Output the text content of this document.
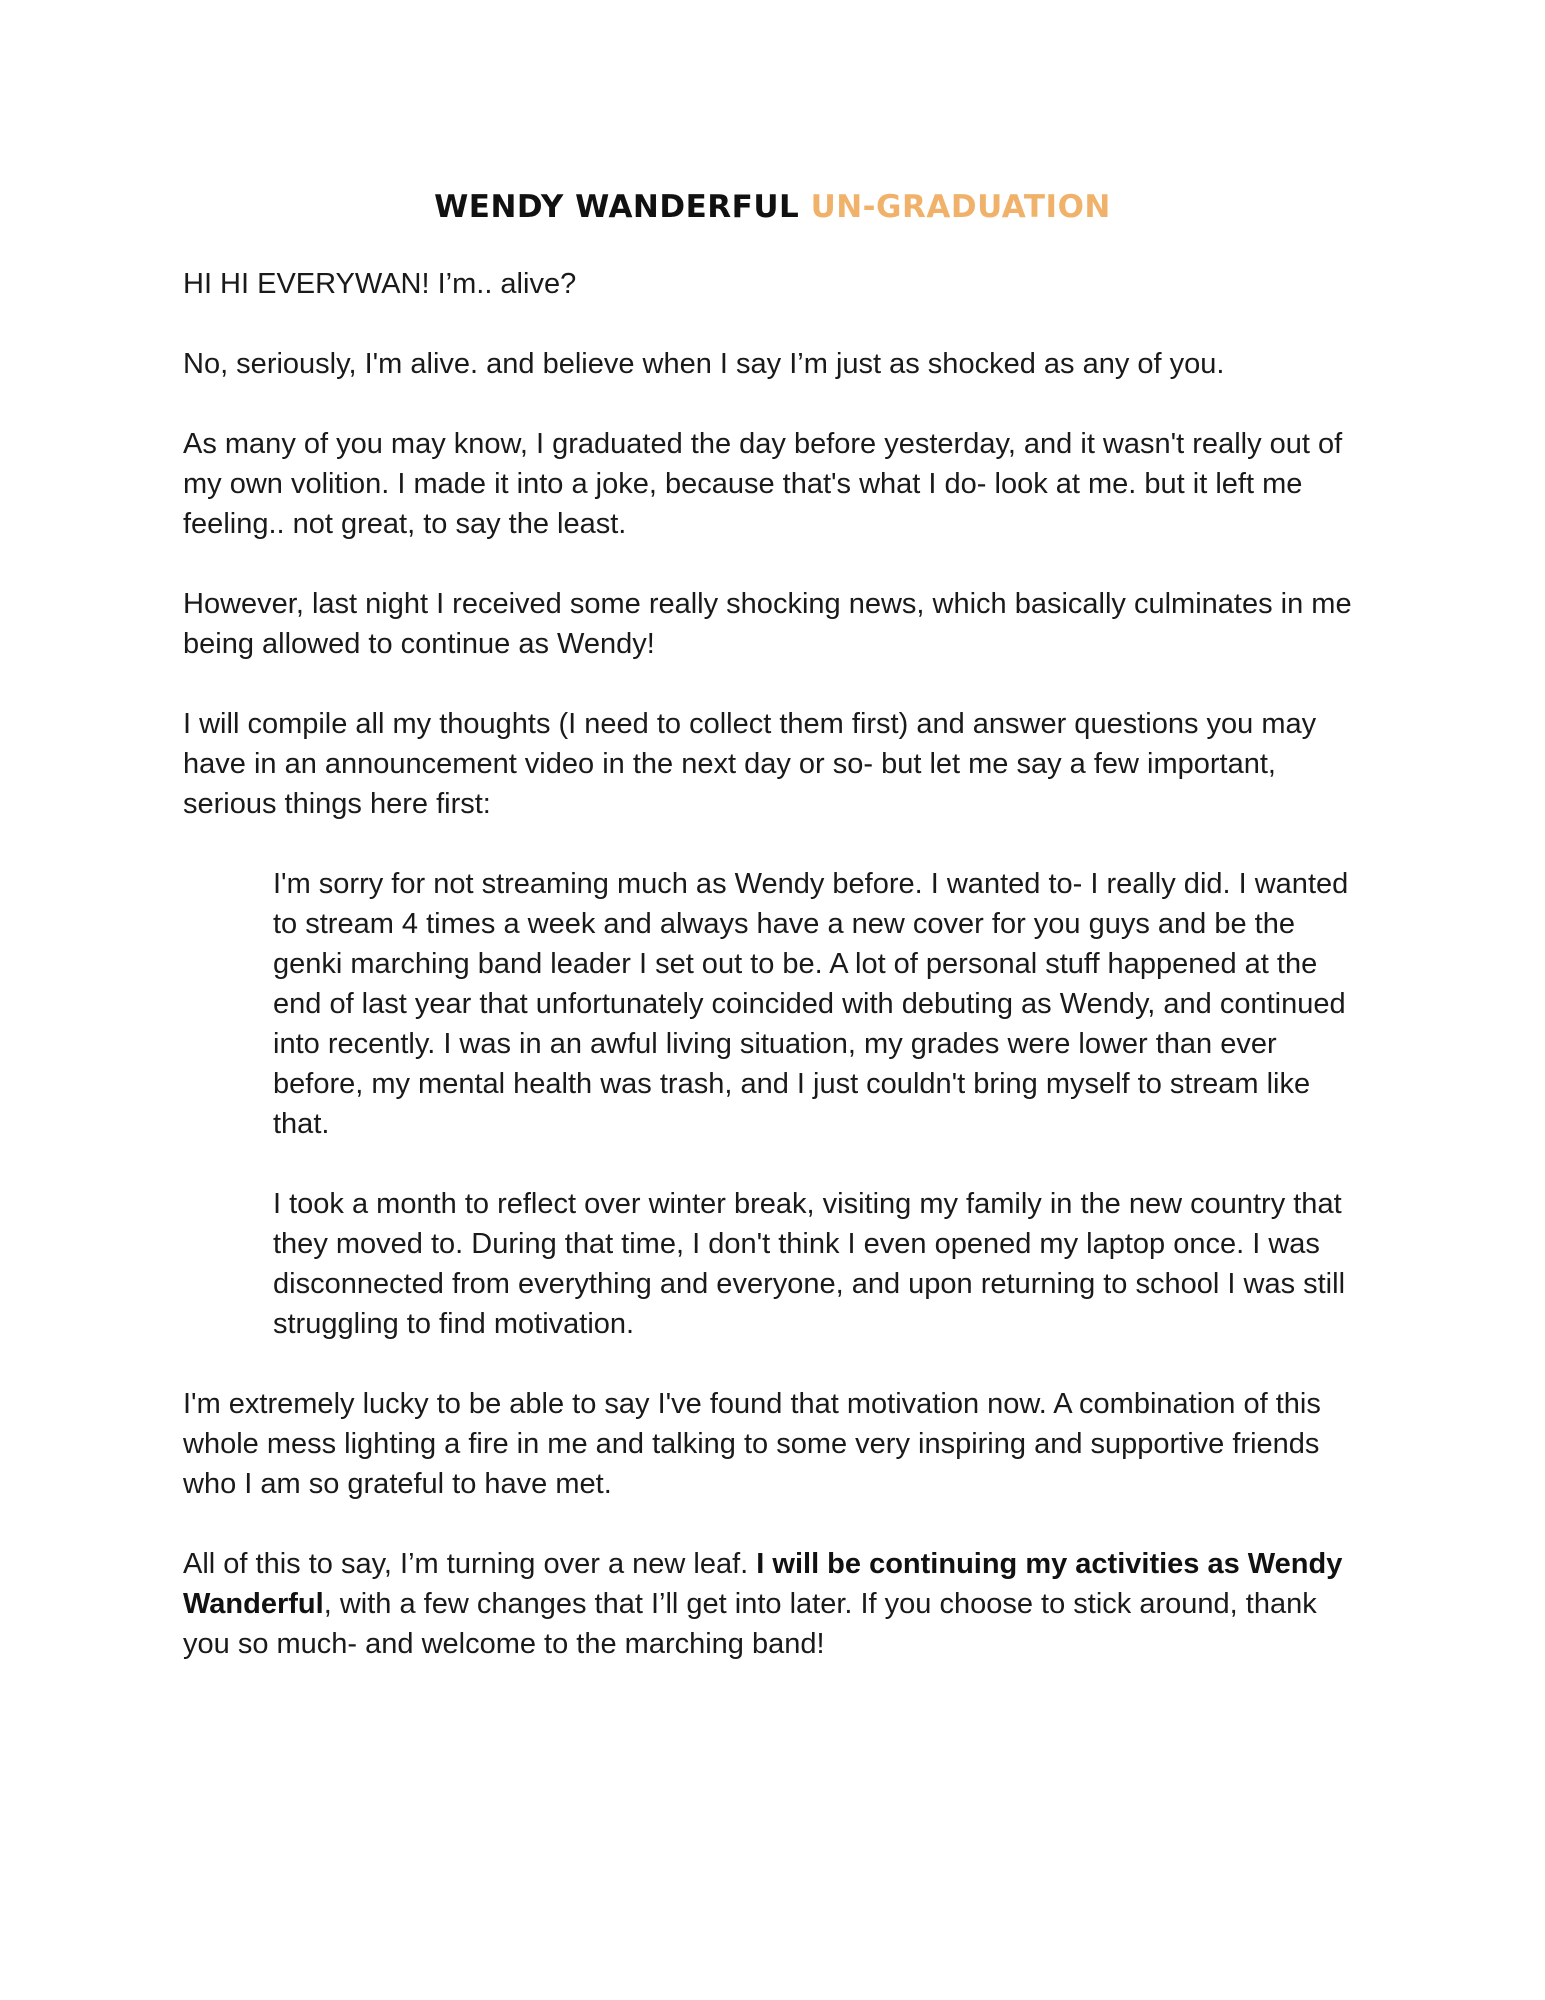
WENDY WANDERFUL UN-GRADUATION

HI HI EVERYWAN! I’m.. alive?

No, seriously, I'm alive. and believe when I say I’m just as shocked as any of you.

As many of you may know, I graduated the day before yesterday, and it wasn't really out of my own volition. I made it into a joke, because that's what I do- look at me. but it left me feeling.. not great, to say the least.

However, last night I received some really shocking news, which basically culminates in me being allowed to continue as Wendy!

I will compile all my thoughts (I need to collect them first) and answer questions you may have in an announcement video in the next day or so- but let me say a few important, serious things here first:

I'm sorry for not streaming much as Wendy before. I wanted to- I really did. I wanted to stream 4 times a week and always have a new cover for you guys and be the genki marching band leader I set out to be. A lot of personal stuff happened at the end of last year that unfortunately coincided with debuting as Wendy, and continued into recently. I was in an awful living situation, my grades were lower than ever before, my mental health was trash, and I just couldn't bring myself to stream like that.

I took a month to reflect over winter break, visiting my family in the new country that they moved to. During that time, I don't think I even opened my laptop once. I was disconnected from everything and everyone, and upon returning to school I was still struggling to find motivation.

I'm extremely lucky to be able to say I've found that motivation now. A combination of this whole mess lighting a fire in me and talking to some very inspiring and supportive friends who I am so grateful to have met.

All of this to say, I’m turning over a new leaf. I will be continuing my activities as Wendy Wanderful, with a few changes that I’ll get into later. If you choose to stick around, thank you so much- and welcome to the marching band!
